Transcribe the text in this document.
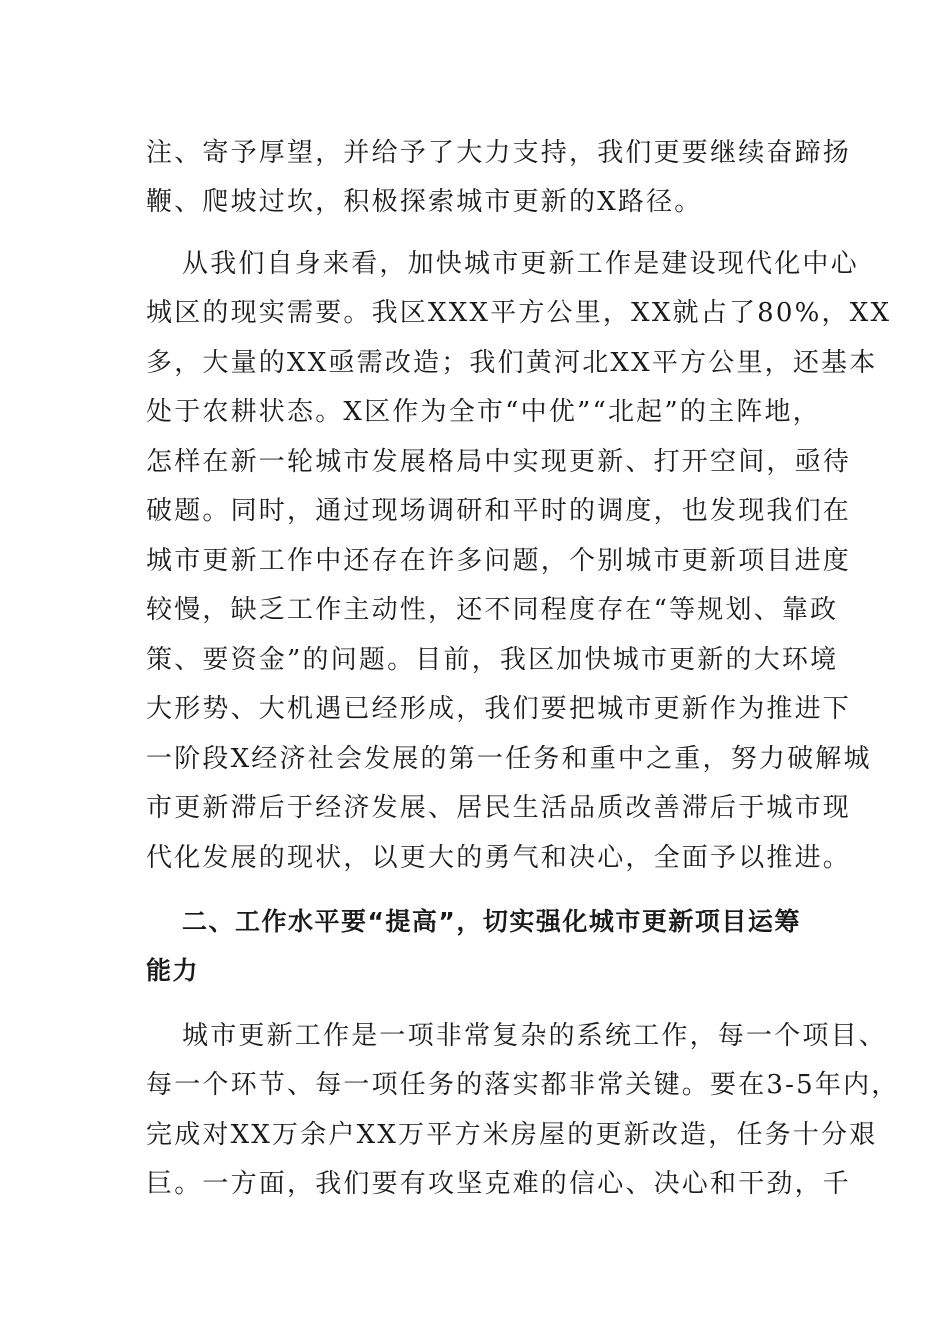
注、寄予厚望，并给予了大力支持，我们更要继续奋蹄扬
鞭、爬坡过坎，积极探索城市更新的X路径。
从我们自身来看，加快城市更新工作是建设现代化中心
城区的现实需要。我区XXX平方公里，XX就占了80%，XX
多，大量的XX亟需改造；我们黄河北XX平方公里，还基本
处于农耕状态。X区作为全市“中优”“北起”的主阵地，
怎样在新一轮城市发展格局中实现更新、打开空间，亟待
破题。同时，通过现场调研和平时的调度，也发现我们在
城市更新工作中还存在许多问题，个别城市更新项目进度
较慢，缺乏工作主动性，还不同程度存在“等规划、靠政
策、要资金”的问题。目前，我区加快城市更新的大环境
大形势、大机遇已经形成，我们要把城市更新作为推进下
一阶段X经济社会发展的第一任务和重中之重，努力破解城
市更新滞后于经济发展、居民生活品质改善滞后于城市现
代化发展的现状，以更大的勇气和决心，全面予以推进。
二、工作水平要“提高”，切实强化城市更新项目运筹
能力
城市更新工作是一项非常复杂的系统工作，每一个项目、
每一个环节、每一项任务的落实都非常关键。要在3-5年内，
完成对XX万余户XX万平方米房屋的更新改造，任务十分艰
巨。一方面，我们要有攻坚克难的信心、决心和干劲，千
